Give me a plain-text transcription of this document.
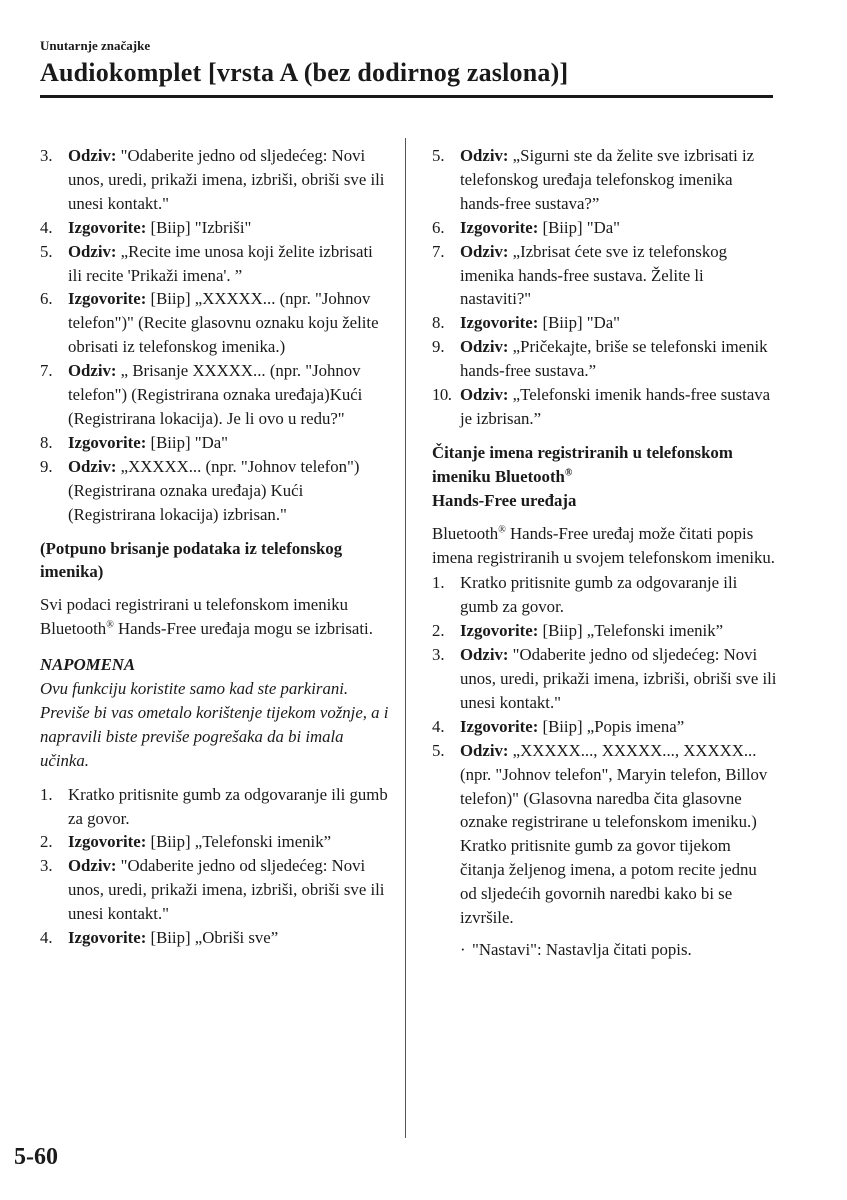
Unutarnje značajke
Audiokomplet [vrsta A (bez dodirnog zaslona)]
3. Odziv: "Odaberite jedno od sljedećeg: Novi unos, uredi, prikaži imena, izbriši, obriši sve ili unesi kontakt."
4. Izgovorite: [Biip] "Izbriši"
5. Odziv: „Recite ime unosa koji želite izbrisati ili recite 'Prikaži imena'. ”
6. Izgovorite: [Biip] „XXXXX... (npr. "Johnov telefon")" (Recite glasovnu oznaku koju želite obrisati iz telefonskog imenika.)
7. Odziv: „ Brisanje XXXXX... (npr. "Johnov telefon") (Registrirana oznaka uređaja)Kući (Registrirana lokacija). Je li ovo u redu?"
8. Izgovorite: [Biip] "Da"
9. Odziv: „XXXXX... (npr. "Johnov telefon") (Registrirana oznaka uređaja) Kući (Registrirana lokacija) izbrisan."
(Potpuno brisanje podataka iz telefonskog imenika)
Svi podaci registrirani u telefonskom imeniku Bluetooth® Hands-Free uređaja mogu se izbrisati.
NAPOMENA
Ovu funkciju koristite samo kad ste parkirani. Previše bi vas ometalo korištenje tijekom vožnje, a i napravili biste previše pogrešaka da bi imala učinka.
1. Kratko pritisnite gumb za odgovaranje ili gumb za govor.
2. Izgovorite: [Biip] „Telefonski imenik”
3. Odziv: "Odaberite jedno od sljedećeg: Novi unos, uredi, prikaži imena, izbriši, obriši sve ili unesi kontakt."
4. Izgovorite: [Biip] „Obriši sve”
5. Odziv: „Sigurni ste da želite sve izbrisati iz telefonskog uređaja telefonskog imenika hands-free sustava?”
6. Izgovorite: [Biip] "Da"
7. Odziv: „Izbrisat ćete sve iz telefonskog imenika hands-free sustava. Želite li nastaviti?"
8. Izgovorite: [Biip] "Da"
9. Odziv: „Pričekajte, briše se telefonski imenik hands-free sustava.”
10. Odziv: „Telefonski imenik hands-free sustava je izbrisan.”
Čitanje imena registriranih u telefonskom imeniku Bluetooth®
Hands-Free uređaja
Bluetooth® Hands-Free uređaj može čitati popis imena registriranih u svojem telefonskom imeniku.
1. Kratko pritisnite gumb za odgovaranje ili gumb za govor.
2. Izgovorite: [Biip] „Telefonski imenik”
3. Odziv: "Odaberite jedno od sljedećeg: Novi unos, uredi, prikaži imena, izbriši, obriši sve ili unesi kontakt."
4. Izgovorite: [Biip] „Popis imena”
5. Odziv: „XXXXX..., XXXXX..., XXXXX... (npr. "Johnov telefon", Maryin telefon, Billov telefon)" (Glasovna naredba čita glasovne oznake registrirane u telefonskom imeniku.)
Kratko pritisnite gumb za govor tijekom čitanja željenog imena, a potom recite jednu od sljedećih govornih naredbi kako bi se izvršile.
· "Nastavi": Nastavlja čitati popis.
5-60
